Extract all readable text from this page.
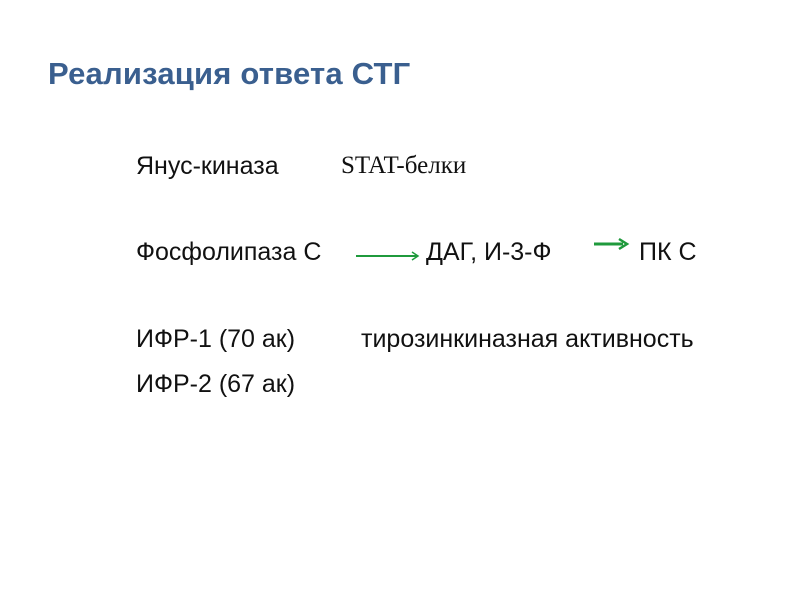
Реализация ответа СТГ
Янус-киназа STAT-белки
Фосфолипаза С	ДАГ, И-3-Ф	ПК С
ИФР-1 (70 ак)	тирозинкиназная активность
ИФР-2 (67 ак)
